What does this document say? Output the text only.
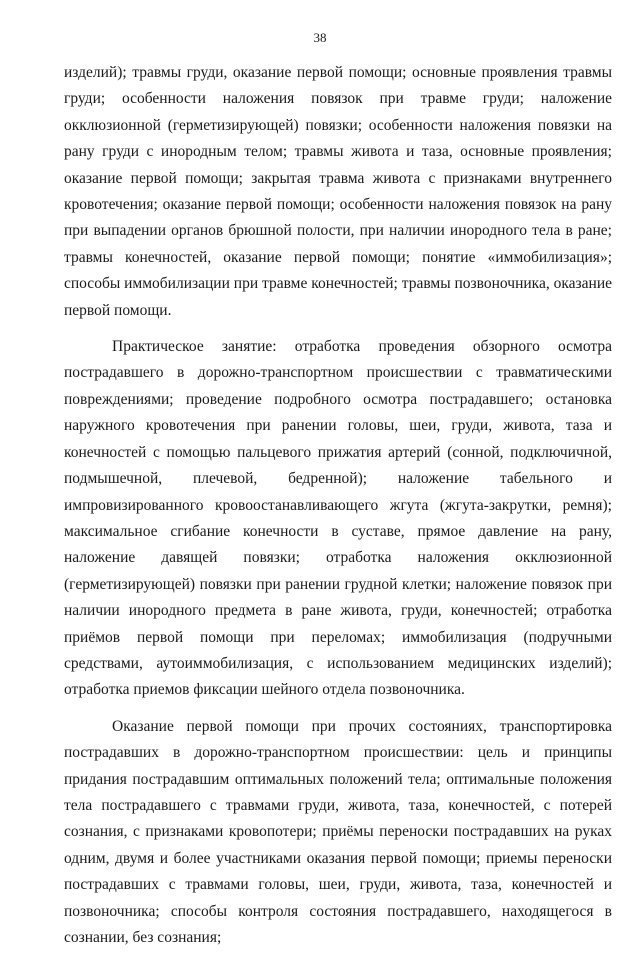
38

изделий); травмы груди, оказание первой помощи; основные проявления травмы груди; особенности наложения повязок при травме груди; наложение окклюзионной (герметизирующей) повязки; особенности наложения повязки на рану груди с инородным телом; травмы живота и таза, основные проявления; оказание первой помощи; закрытая травма живота с признаками внутреннего кровотечения; оказание первой помощи; особенности наложения повязок на рану при выпадении органов брюшной полости, при наличии инородного тела в ране; травмы конечностей, оказание первой помощи; понятие «иммобилизация»; способы иммобилизации при травме конечностей; травмы позвоночника, оказание первой помощи.

Практическое занятие: отработка проведения обзорного осмотра пострадавшего в дорожно-транспортном происшествии с травматическими повреждениями; проведение подробного осмотра пострадавшего; остановка наружного кровотечения при ранении головы, шеи, груди, живота, таза и конечностей с помощью пальцевого прижатия артерий (сонной, подключичной, подмышечной, плечевой, бедренной); наложение табельного и импровизированного кровоостанавливающего жгута (жгута-закрутки, ремня); максимальное сгибание конечности в суставе, прямое давление на рану, наложение давящей повязки; отработка наложения окклюзионной (герметизирующей) повязки при ранении грудной клетки; наложение повязок при наличии инородного предмета в ране живота, груди, конечностей; отработка приёмов первой помощи при переломах; иммобилизация (подручными средствами, аутоиммобилизация, с использованием медицинских изделий); отработка приемов фиксации шейного отдела позвоночника.

Оказание первой помощи при прочих состояниях, транспортировка пострадавших в дорожно-транспортном происшествии: цель и принципы придания пострадавшим оптимальных положений тела; оптимальные положения тела пострадавшего с травмами груди, живота, таза, конечностей, с потерей сознания, с признаками кровопотери; приёмы переноски пострадавших на руках одним, двумя и более участниками оказания первой помощи; приемы переноски пострадавших с травмами головы, шеи, груди, живота, таза, конечностей и позвоночника; способы контроля состояния пострадавшего, находящегося в сознании, без сознания;
